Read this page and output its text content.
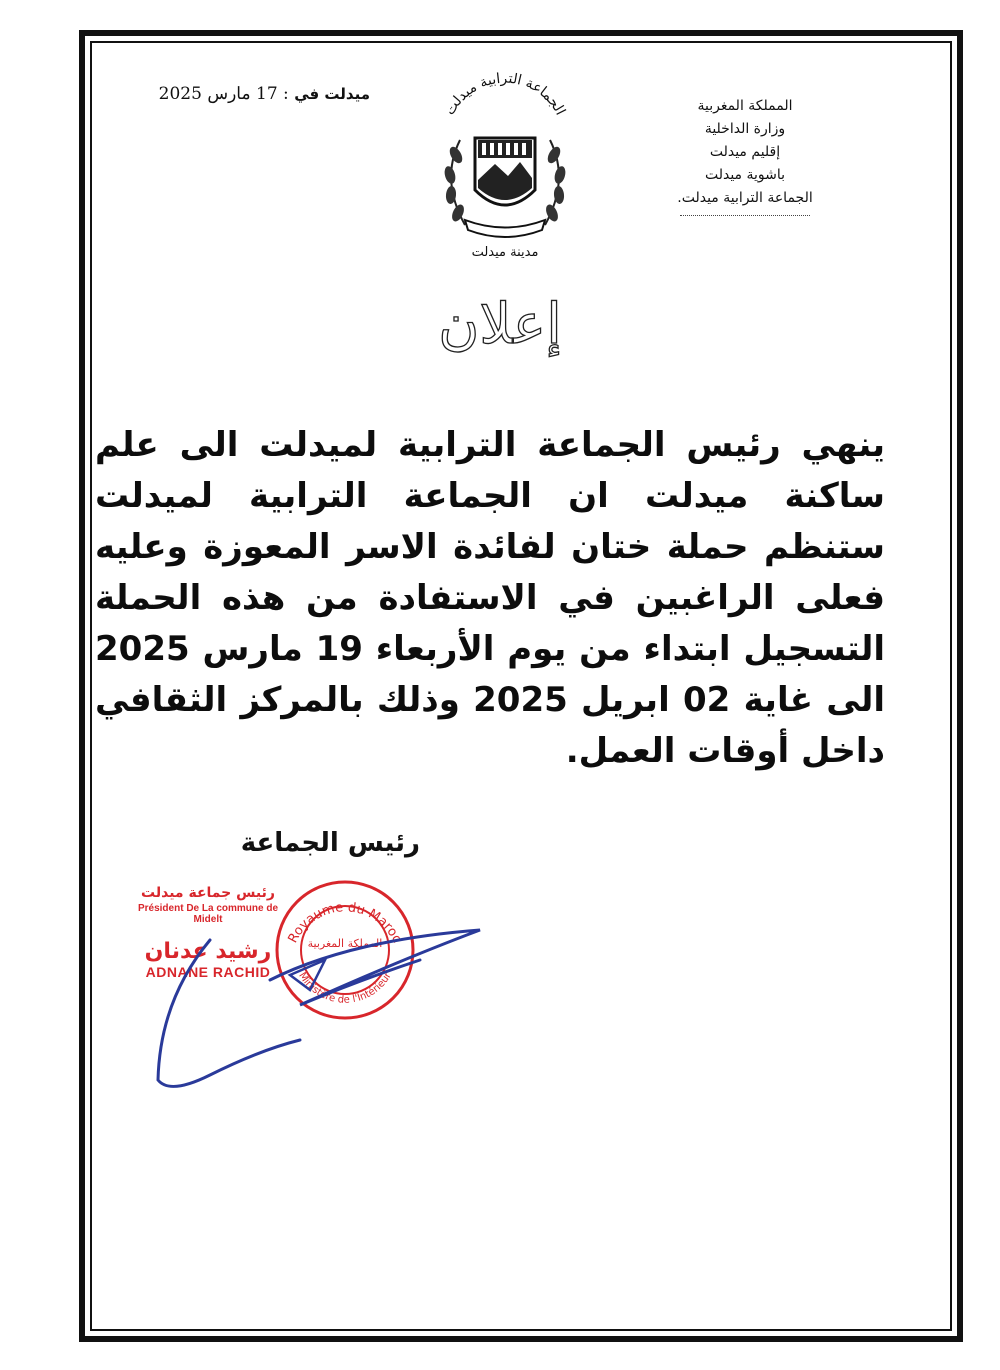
ميدلت في : 17 مارس 2025
الجماعة الترابية ميدلت
مدينة ميدلت
المملكة المغربية
وزارة الداخلية
إقليم ميدلت
باشوية ميدلت
الجماعة الترابية ميدلت.
إعلان
ينهي رئيس الجماعة الترابية لميدلت الى علم ساكنة ميدلت ان الجماعة الترابية لميدلت ستنظم حملة ختان لفائدة الاسر المعوزة وعليه فعلى الراغبين في الاستفادة من هذه الحملة التسجيل ابتداء من يوم الأربعاء 19 مارس 2025 الى غاية 02 ابريل 2025 وذلك بالمركز الثقافي داخل أوقات العمل.
رئيس الجماعة
رئيس جماعة ميدلت
Président De La commune de Midelt
رشيد عدنان
ADNANE RACHID
Royaume du Maroc
Ministère de l'Intérieur
المملكة المغربية
